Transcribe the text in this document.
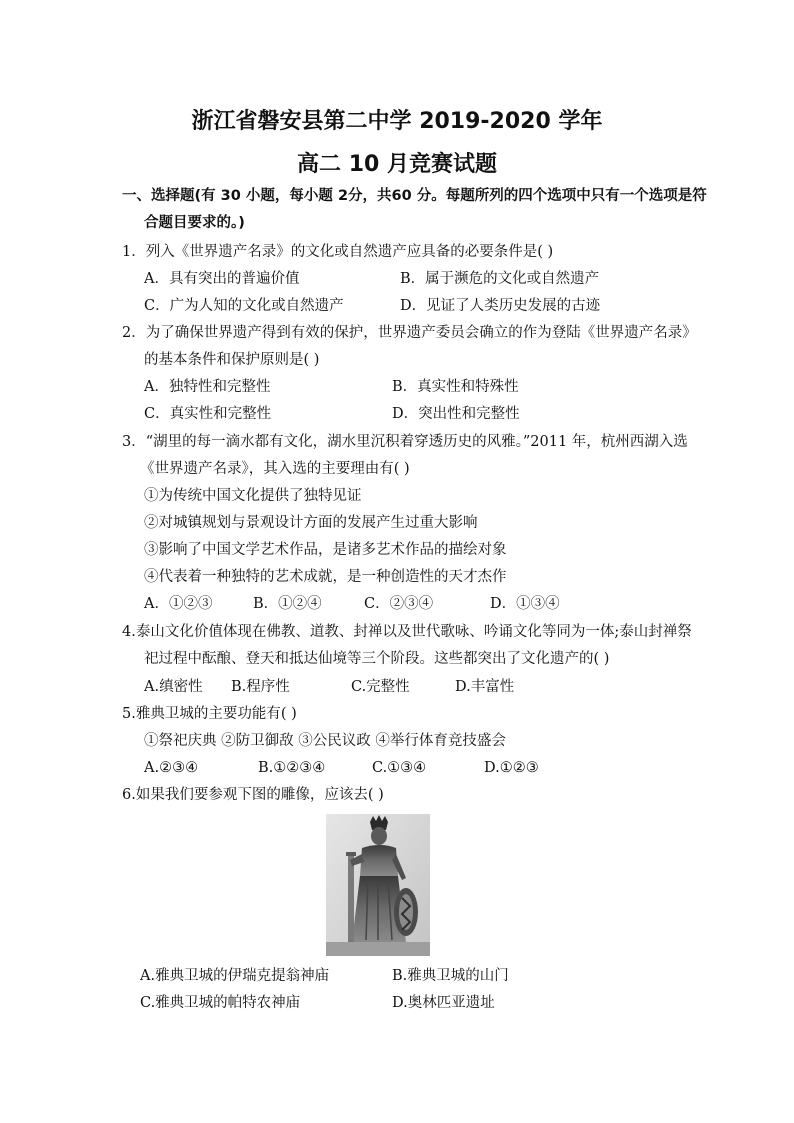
浙江省磐安县第二中学 2019-2020 学年
高二 10 月竞赛试题
一、选择题(有 30 小题，每小题 2分，共60 分。每题所列的四个选项中只有一个选项是符
合题目要求的。)
1．列入《世界遗产名录》的文化或自然遗产应具备的必要条件是( )
A．具有突出的普遍价值	B．属于濒危的文化或自然遗产
C．广为人知的文化或自然遗产	D．见证了人类历史发展的古迹
2．为了确保世界遗产得到有效的保护，世界遗产委员会确立的作为登陆《世界遗产名录》
的基本条件和保护原则是( )
A．独特性和完整性	B．真实性和特殊性
C．真实性和完整性	D．突出性和完整性
3．“湖里的每一滴水都有文化，湖水里沉积着穿透历史的风雅。”2011 年，杭州西湖入选
《世界遗产名录》，其入选的主要理由有( )
①为传统中国文化提供了独特见证
②对城镇规划与景观设计方面的发展产生过重大影响
③影响了中国文学艺术作品，是诸多艺术作品的描绘对象
④代表着一种独特的艺术成就，是一种创造性的天才杰作
A．①②③	B．①②④	C．②③④	D．①③④
4.泰山文化价值体现在佛教、道教、封禅以及世代歌咏、吟诵文化等同为一体;泰山封禅祭
祀过程中酝酿、登天和抵达仙境等三个阶段。这些都突出了文化遗产的( )
A.缜密性 B.程序性	C.完整性	D.丰富性
5.雅典卫城的主要功能有( )
①祭祀庆典 ②防卫御敌 ③公民议政 ④举行体育竞技盛会
A.②③④	B.①②③④	C.①③④	D.①②③
6.如果我们要参观下图的雕像，应该去( )
A.雅典卫城的伊瑞克提翁神庙	B.雅典卫城的山门
C.雅典卫城的帕特农神庙	D.奥林匹亚遗址
